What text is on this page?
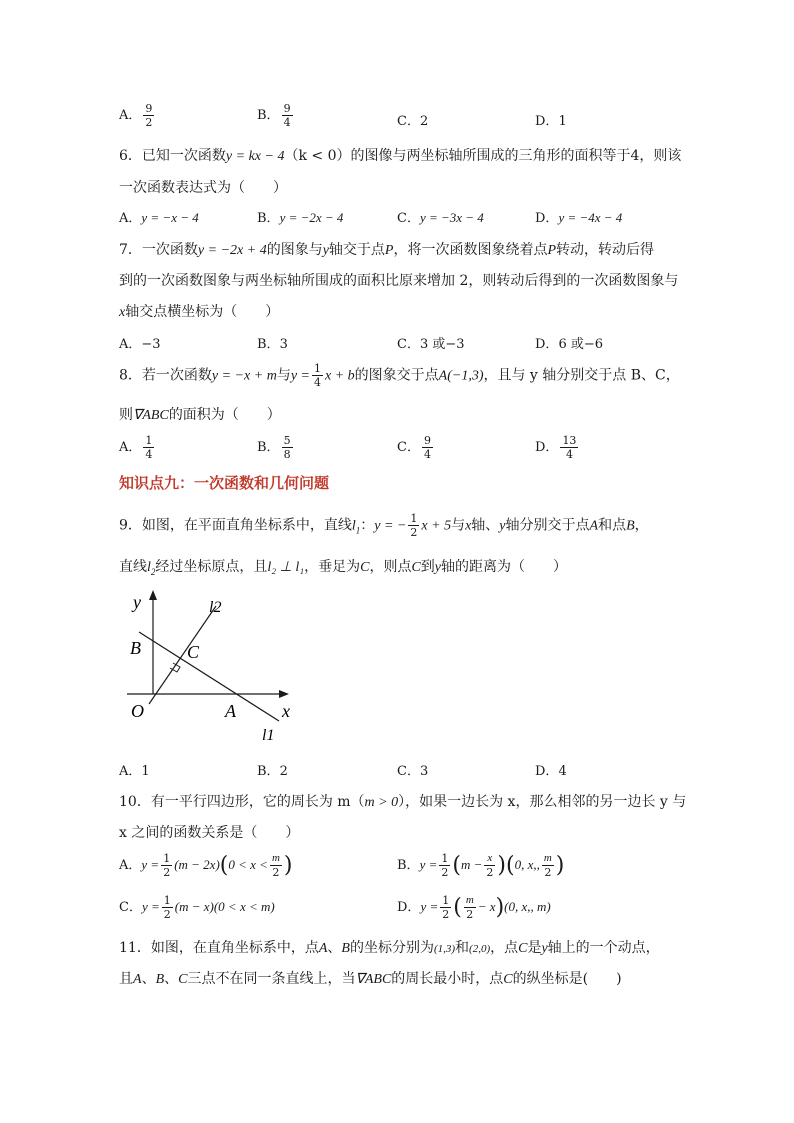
A． $\frac{9}{2}$	B． $\frac{9}{4}$	C．2	D．1
6．已知一次函数y = kx − 4（k < 0）的图像与两坐标轴所围成的三角形的面积等于4，则该
一次函数表达式为（　　）
A．y = −x − 4	B．y = −2x − 4	C．y = −3x − 4	D．y = −4x − 4
7．一次函数y = −2x + 4的图象与y轴交于点P，将一次函数图象绕着点P转动，转动后得
到的一次函数图象与两坐标轴所围成的面积比原来增加 2，则转动后得到的一次函数图象与
x轴交点横坐标为（　　）
A．−3	B．3	C．3 或−3	D．6 或−6
8．若一次函数y = −x + m与$y = \frac{1}{4}$ x + b的图象交于点A(−1,3)，且与 y 轴分别交于点 B、C，
则∇ABC的面积为（　　）
A． $\frac{1}{4}$	B． $\frac{5}{8}$	C． $\frac{9}{4}$	D． $\frac{13}{4}$
知识点九：一次函数和几何问题
9．如图，在平面直角坐标系中，直线$l_1$：y = − $\frac{1}{2}$ x + 5与x轴、y轴分别交于点A和点B，
直线$l_2$经过坐标原点，且l₂ ⊥ l₁，垂足为C，则点C到y轴的距离为（　　）
y	l2
B	C
O	A	x
l1
A．1	B．2	C．3	D．4
10．有一平行四边形，它的周长为 m（m > 0），如果一边长为 x，那么相邻的另一边长 y 与
x 之间的函数关系是（　　）
A．$y = \frac{1}{2} (m - 2x)(0 < x < \frac{m}{2}$ )	B．$y = \frac{1}{2} (m - \frac{x}{2} )(0$, x,, $\frac{m}{2}$ )
C．$y = \frac{1}{2} (m - x)(0 < x < m)$	D．$y = \frac{1}{2}$ ( $\frac{m}{2} - x)(0$, x,, m)
11．如图，在直角坐标系中，点A、B的坐标分别为(1,3)和(2,0)，点C是y轴上的一个动点，
且A、B、C三点不在同一条直线上，当∇ABC的周长最小时，点C的纵坐标是(　　)
